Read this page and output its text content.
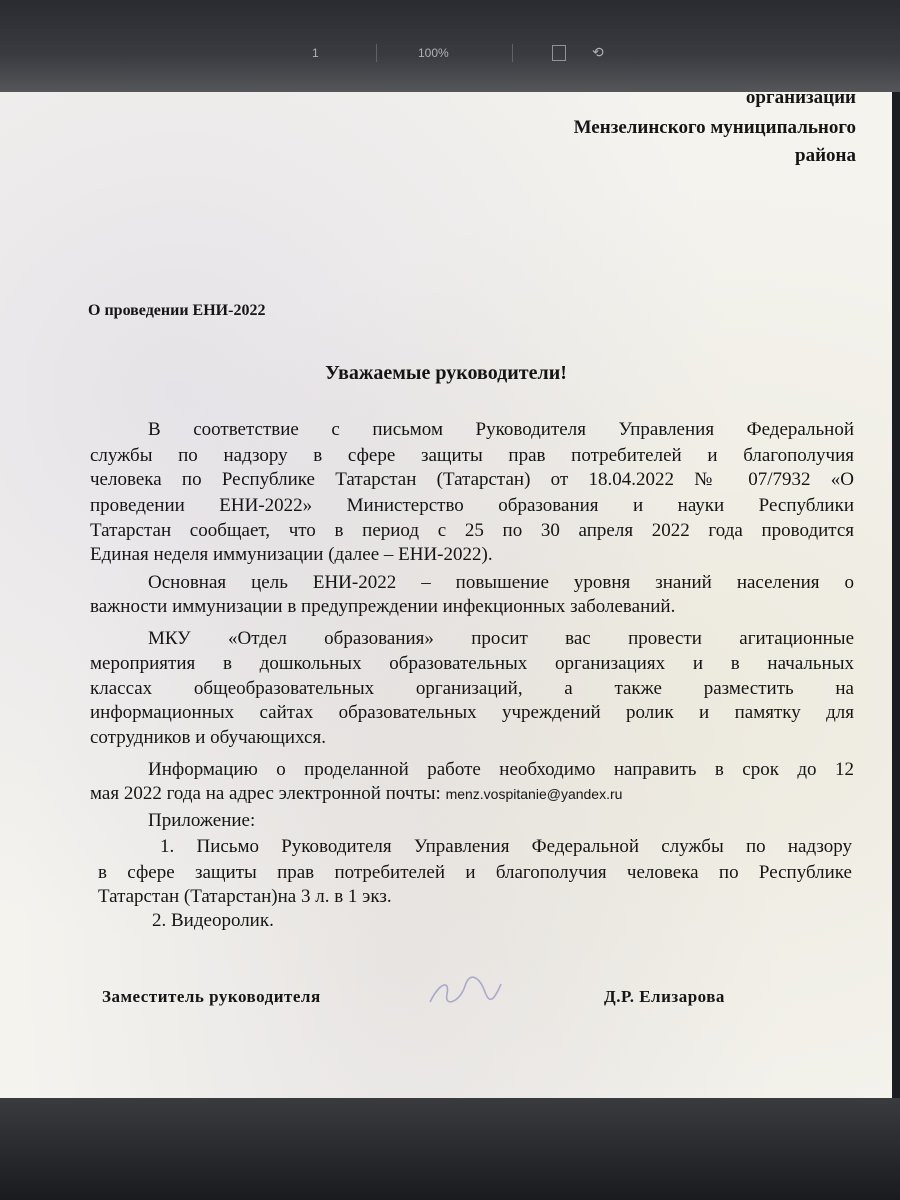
1	100%	⟲
организации
Мензелинского муниципального
района
О проведении ЕНИ-2022
Уважаемые руководители!
В соответствие с письмом Руководителя Управления Федеральной
службы по надзору в сфере защиты прав потребителей и благополучия
человека по Республике Татарстан (Татарстан) от 18.04.2022 № 07/7932 «О
проведении ЕНИ-2022» Министерство образования и науки Республики
Татарстан сообщает, что в период с 25 по 30 апреля 2022 года проводится
Единая неделя иммунизации (далее – ЕНИ-2022).
Основная цель ЕНИ-2022 – повышение уровня знаний населения о
важности иммунизации в предупреждении инфекционных заболеваний.
МКУ «Отдел образования» просит вас провести агитационные
мероприятия в дошкольных образовательных организациях и в начальных
классах общеобразовательных организаций, а также разместить на
информационных сайтах образовательных учреждений ролик и памятку для
сотрудников и обучающихся.
Информацию о проделанной работе необходимо направить в срок до 12
мая 2022 года на адрес электронной почты: menz.vospitanie@yandex.ru
Приложение:
1. Письмо Руководителя Управления Федеральной службы по надзору
в сфере защиты прав потребителей и благополучия человека по Республике
Татарстан (Татарстан)на 3 л. в 1 экз.
2. Видеоролик.
Заместитель руководителя	Д.Р. Елизарова
